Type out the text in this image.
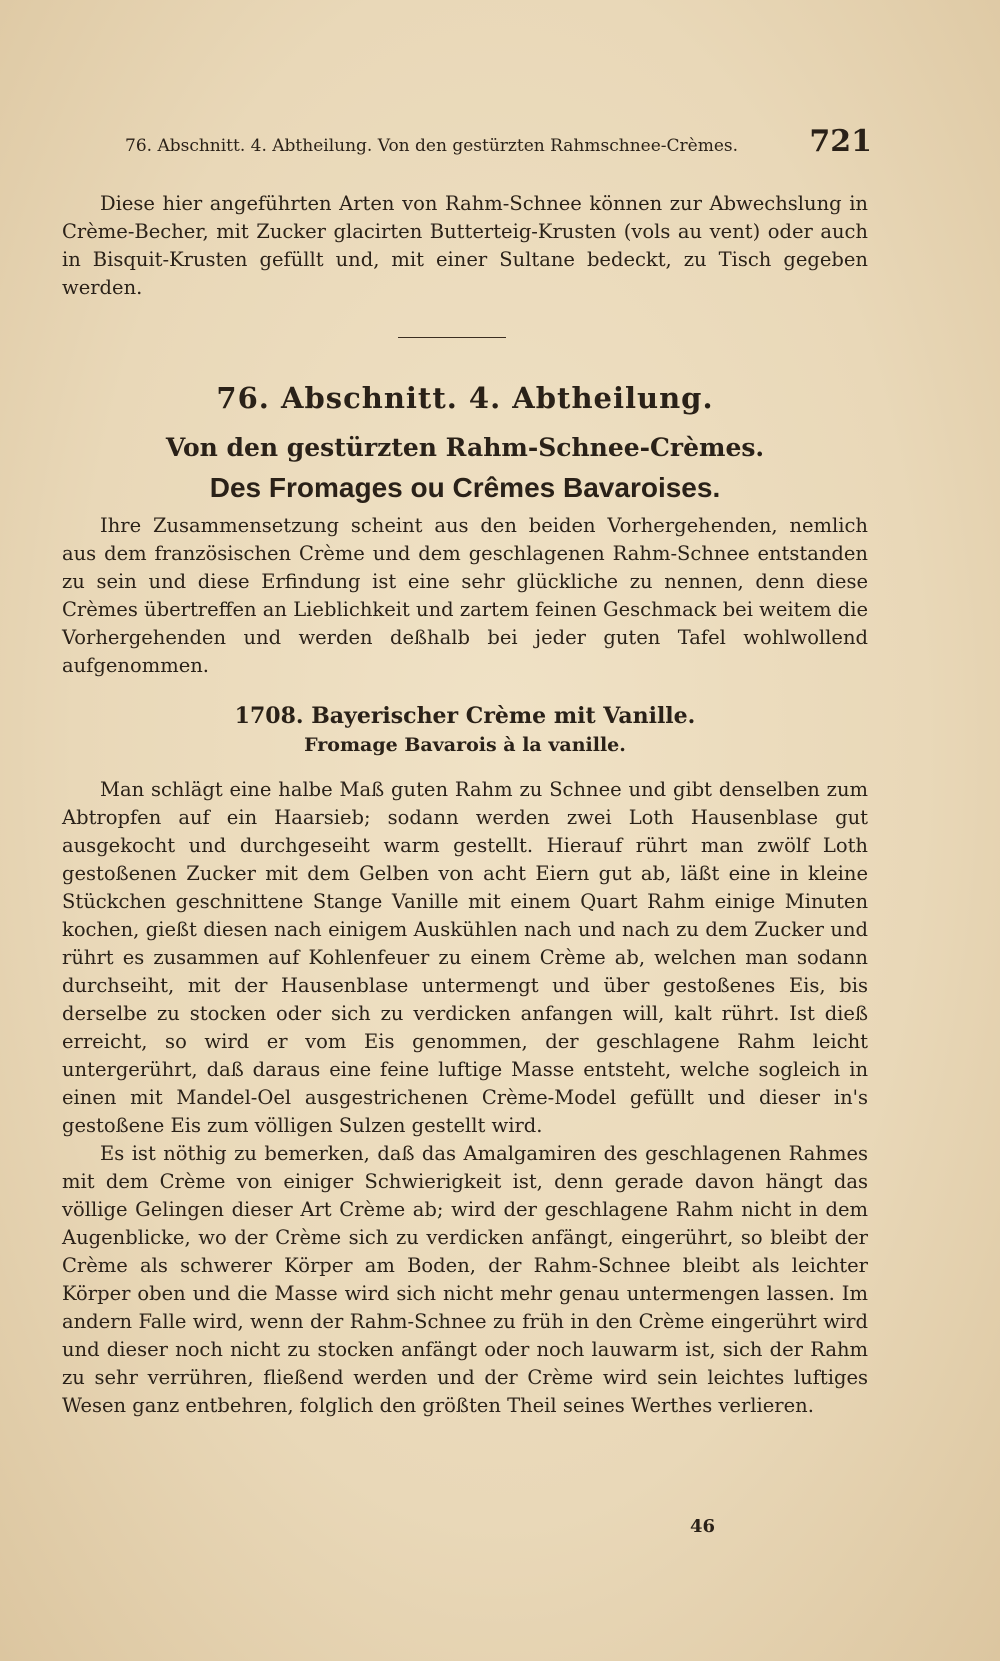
76. Abschnitt. 4. Abtheilung. Von den gestürzten Rahmschnee-Crèmes. 721

Diese hier angeführten Arten von Rahm-Schnee können zur Abwechslung in Crème-Becher, mit Zucker glacirten Butterteig-Krusten (vols au vent) oder auch in Bisquit-Krusten gefüllt und, mit einer Sultane bedeckt, zu Tisch gegeben werden.

76. Abschnitt. 4. Abtheilung.
Von den gestürzten Rahm-Schnee-Crèmes.
Des Fromages ou Crêmes Bavaroises.

Ihre Zusammensetzung scheint aus den beiden Vorhergehenden, nemlich aus dem französischen Crème und dem geschlagenen Rahm-Schnee entstanden zu sein und diese Erfindung ist eine sehr glückliche zu nennen, denn diese Crèmes übertreffen an Lieblichkeit und zartem feinen Geschmack bei weitem die Vorhergehenden und werden deßhalb bei jeder guten Tafel wohlwollend aufgenommen.

1708. Bayerischer Crème mit Vanille.
Fromage Bavarois à la vanille.

Man schlägt eine halbe Maß guten Rahm zu Schnee und gibt denselben zum Abtropfen auf ein Haarsieb; sodann werden zwei Loth Hausenblase gut ausgekocht und durchgeseiht warm gestellt. Hierauf rührt man zwölf Loth gestoßenen Zucker mit dem Gelben von acht Eiern gut ab, läßt eine in kleine Stückchen geschnittene Stange Vanille mit einem Quart Rahm einige Minuten kochen, gießt diesen nach einigem Auskühlen nach und nach zu dem Zucker und rührt es zusammen auf Kohlenfeuer zu einem Crème ab, welchen man sodann durchseiht, mit der Hausenblase untermengt und über gestoßenes Eis, bis derselbe zu stocken oder sich zu verdicken anfangen will, kalt rührt. Ist dieß erreicht, so wird er vom Eis genommen, der geschlagene Rahm leicht untergerührt, daß daraus eine feine luftige Masse entsteht, welche sogleich in einen mit Mandel-Oel ausgestrichenen Crème-Model gefüllt und dieser in's gestoßene Eis zum völligen Sulzen gestellt wird.

Es ist nöthig zu bemerken, daß das Amalgamiren des geschlagenen Rahmes mit dem Crème von einiger Schwierigkeit ist, denn gerade davon hängt das völlige Gelingen dieser Art Crème ab; wird der geschlagene Rahm nicht in dem Augenblicke, wo der Crème sich zu verdicken anfängt, eingerührt, so bleibt der Crème als schwerer Körper am Boden, der Rahm-Schnee bleibt als leichter Körper oben und die Masse wird sich nicht mehr genau untermengen lassen. Im andern Falle wird, wenn der Rahm-Schnee zu früh in den Crème eingerührt wird und dieser noch nicht zu stocken anfängt oder noch lauwarm ist, sich der Rahm zu sehr verrühren, fließend werden und der Crème wird sein leichtes luftiges Wesen ganz entbehren, folglich den größten Theil seines Werthes verlieren.

46
